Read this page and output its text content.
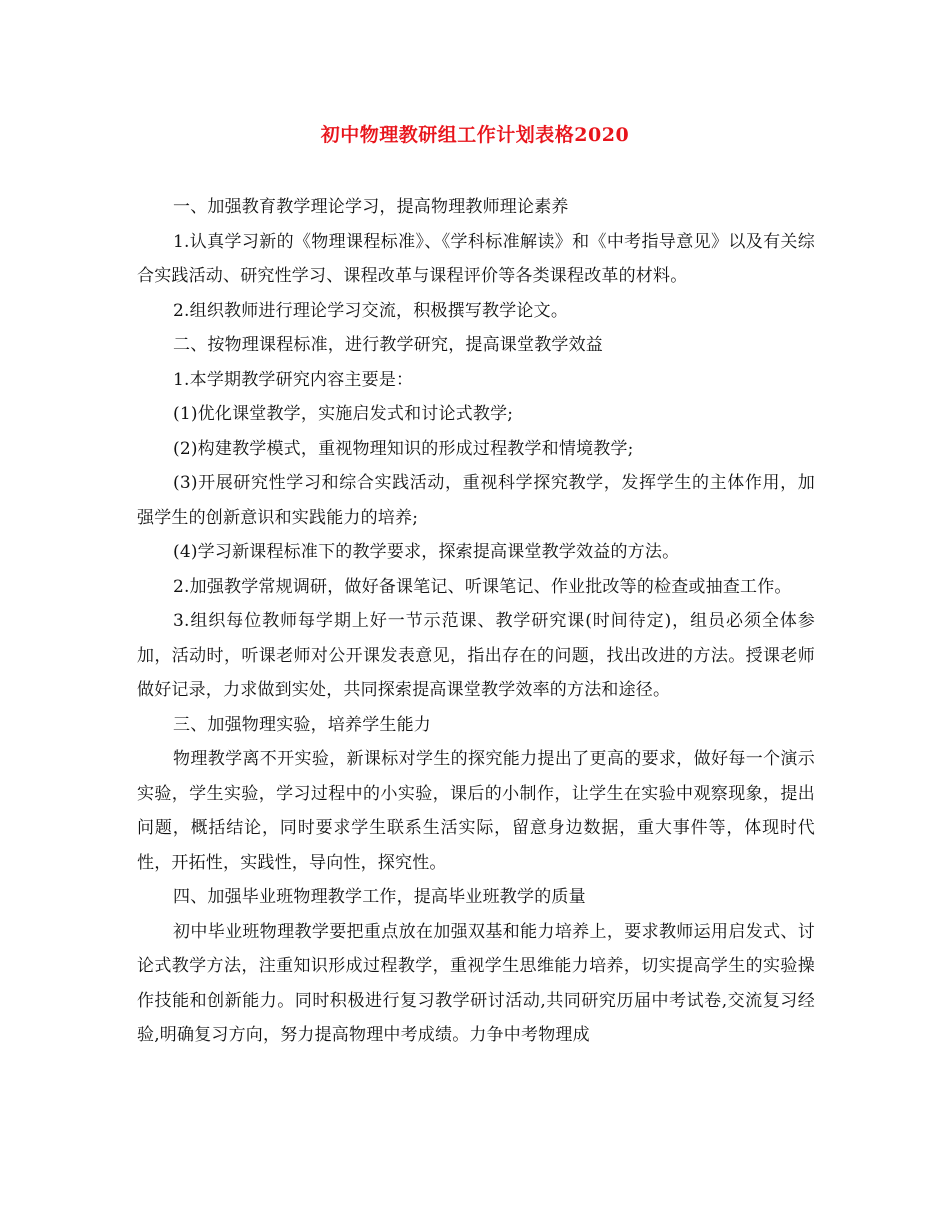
初中物理教研组工作计划表格2020

一、加强教育教学理论学习，提高物理教师理论素养

1.认真学习新的《物理课程标准》、《学科标准解读》和《中考指导意见》以及有关综合实践活动、研究性学习、课程改革与课程评价等各类课程改革的材料。

2.组织教师进行理论学习交流，积极撰写教学论文。

二、按物理课程标准，进行教学研究，提高课堂教学效益

1.本学期教学研究内容主要是：

(1)优化课堂教学，实施启发式和讨论式教学;

(2)构建教学模式，重视物理知识的形成过程教学和情境教学;

(3)开展研究性学习和综合实践活动，重视科学探究教学，发挥学生的主体作用，加强学生的创新意识和实践能力的培养;

(4)学习新课程标准下的教学要求，探索提高课堂教学效益的方法。

2.加强教学常规调研，做好备课笔记、听课笔记、作业批改等的检查或抽查工作。

3.组织每位教师每学期上好一节示范课、教学研究课(时间待定)，组员必须全体参加，活动时，听课老师对公开课发表意见，指出存在的问题，找出改进的方法。授课老师做好记录，力求做到实处，共同探索提高课堂教学效率的方法和途径。

三、加强物理实验，培养学生能力

物理教学离不开实验，新课标对学生的探究能力提出了更高的要求，做好每一个演示实验，学生实验，学习过程中的小实验，课后的小制作，让学生在实验中观察现象，提出问题，概括结论，同时要求学生联系生活实际，留意身边数据，重大事件等，体现时代性，开拓性，实践性，导向性，探究性。

四、加强毕业班物理教学工作，提高毕业班教学的质量

初中毕业班物理教学要把重点放在加强双基和能力培养上，要求教师运用启发式、讨论式教学方法，注重知识形成过程教学，重视学生思维能力培养，切实提高学生的实验操作技能和创新能力。同时积极进行复习教学研讨活动,共同研究历届中考试卷,交流复习经验,明确复习方向，努力提高物理中考成绩。力争中考物理成
